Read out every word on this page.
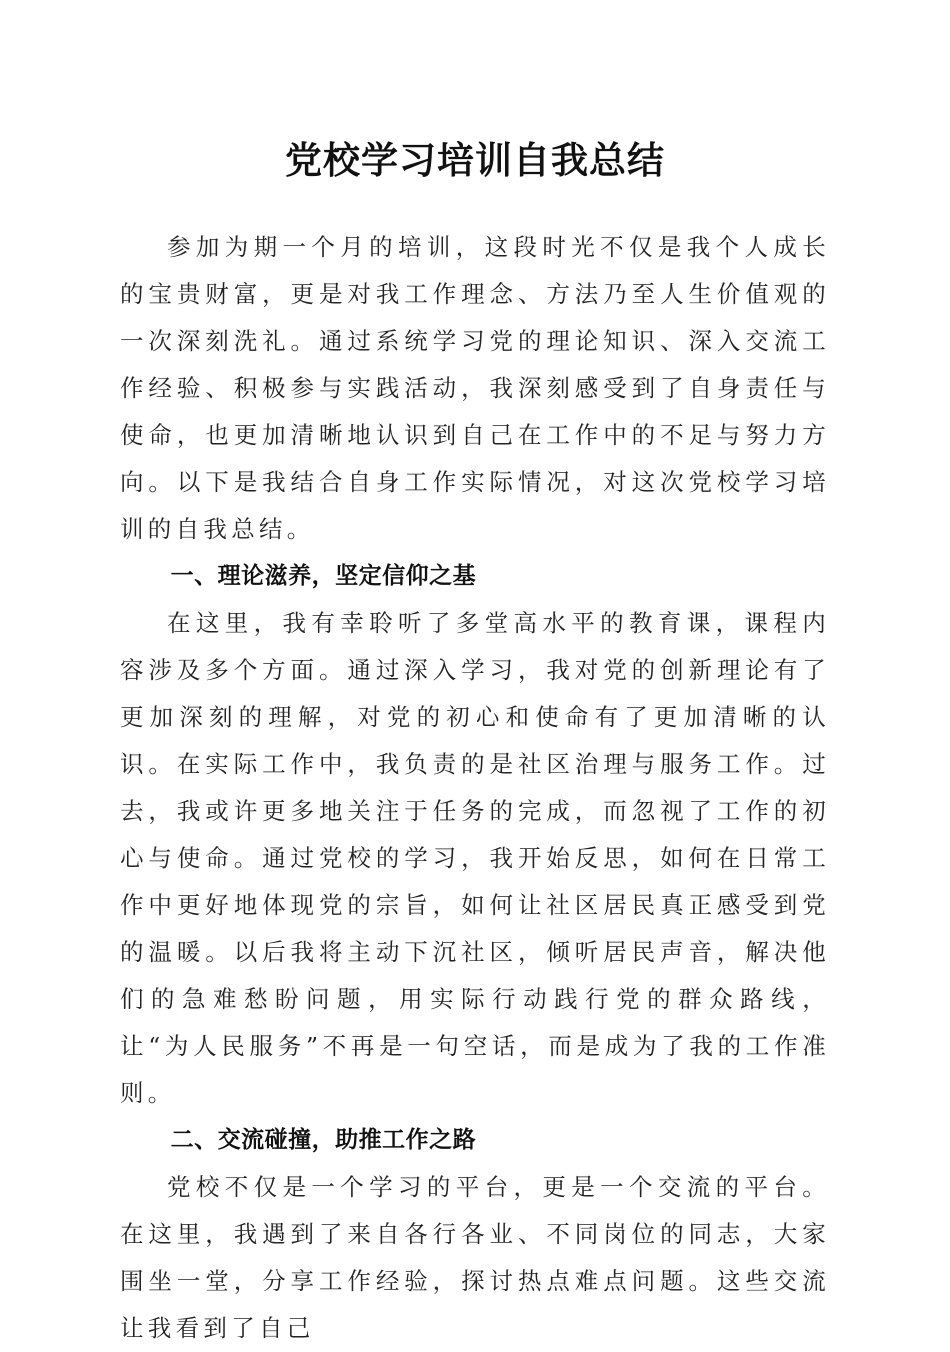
党校学习培训自我总结

参加为期一个月的培训，这段时光不仅是我个人成长的宝贵财富，更是对我工作理念、方法乃至人生价值观的一次深刻洗礼。通过系统学习党的理论知识、深入交流工作经验、积极参与实践活动，我深刻感受到了自身责任与使命，也更加清晰地认识到自己在工作中的不足与努力方向。以下是我结合自身工作实际情况，对这次党校学习培训的自我总结。

一、理论滋养，坚定信仰之基

在这里，我有幸聆听了多堂高水平的教育课，课程内容涉及多个方面。通过深入学习，我对党的创新理论有了更加深刻的理解，对党的初心和使命有了更加清晰的认识。在实际工作中，我负责的是社区治理与服务工作。过去，我或许更多地关注于任务的完成，而忽视了工作的初心与使命。通过党校的学习，我开始反思，如何在日常工作中更好地体现党的宗旨，如何让社区居民真正感受到党的温暖。以后我将主动下沉社区，倾听居民声音，解决他们的急难愁盼问题，用实际行动践行党的群众路线，让“为人民服务”不再是一句空话，而是成为了我的工作准则。

二、交流碰撞，助推工作之路

党校不仅是一个学习的平台，更是一个交流的平台。在这里，我遇到了来自各行各业、不同岗位的同志，大家围坐一堂，分享工作经验，探讨热点难点问题。这些交流让我看到了自己
